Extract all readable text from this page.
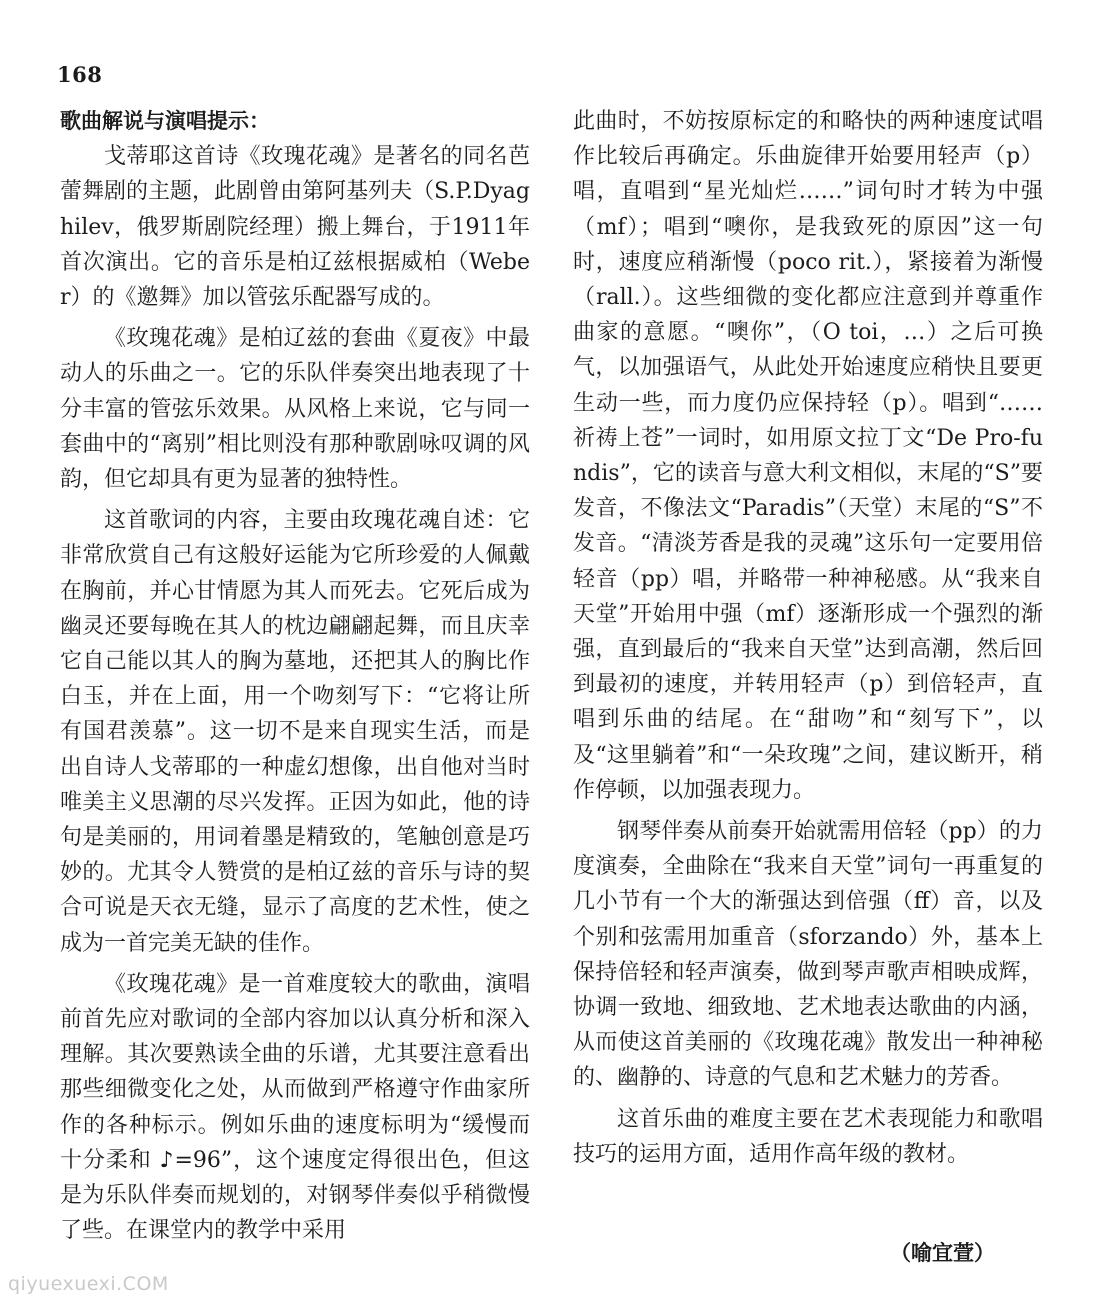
168
歌曲解说与演唱提示：

戈蒂耶这首诗《玫瑰花魂》是著名的同名芭蕾舞剧的主题，此剧曾由第阿基列夫（S.P.Dyaghilev，俄罗斯剧院经理）搬上舞台，于1911年首次演出。它的音乐是柏辽兹根据威柏（Weber）的《邀舞》加以管弦乐配器写成的。

《玫瑰花魂》是柏辽兹的套曲《夏夜》中最动人的乐曲之一。它的乐队伴奏突出地表现了十分丰富的管弦乐效果。从风格上来说，它与同一套曲中的“离别”相比则没有那种歌剧咏叹调的风韵，但它却具有更为显著的独特性。

这首歌词的内容，主要由玫瑰花魂自述：它非常欣赏自己有这般好运能为它所珍爱的人佩戴在胸前，并心甘情愿为其人而死去。它死后成为幽灵还要每晚在其人的枕边翩翩起舞，而且庆幸它自己能以其人的胸为墓地，还把其人的胸比作白玉，并在上面，用一个吻刻写下：“它将让所有国君羡慕”。这一切不是来自现实生活，而是出自诗人戈蒂耶的一种虚幻想像，出自他对当时唯美主义思潮的尽兴发挥。正因为如此，他的诗句是美丽的，用词着墨是精致的，笔触创意是巧妙的。尤其令人赞赏的是柏辽兹的音乐与诗的契合可说是天衣无缝，显示了高度的艺术性，使之成为一首完美无缺的佳作。

《玫瑰花魂》是一首难度较大的歌曲，演唱前首先应对歌词的全部内容加以认真分析和深入理解。其次要熟读全曲的乐谱，尤其要注意看出那些细微变化之处，从而做到严格遵守作曲家所作的各种标示。例如乐曲的速度标明为“缓慢而十分柔和 ♪=96”，这个速度定得很出色，但这是为乐队伴奏而规划的，对钢琴伴奏似乎稍微慢了些。在课堂内的教学中采用

此曲时，不妨按原标定的和略快的两种速度试唱作比较后再确定。乐曲旋律开始要用轻声（p）唱，直唱到“星光灿烂……”词句时才转为中强（mf）；唱到“噢你，是我致死的原因”这一句时，速度应稍渐慢（poco rit.），紧接着为渐慢（rall.）。这些细微的变化都应注意到并尊重作曲家的意愿。“噢你”，（O toi，…）之后可换气，以加强语气，从此处开始速度应稍快且要更生动一些，而力度仍应保持轻（p）。唱到“……祈祷上苍”一词时，如用原文拉丁文“De Pro-fundis”，它的读音与意大利文相似，末尾的“S”要发音，不像法文“Paradis”（天堂）末尾的“S”不发音。“清淡芳香是我的灵魂”这乐句一定要用倍轻音（pp）唱，并略带一种神秘感。从“我来自天堂”开始用中强（mf）逐渐形成一个强烈的渐强，直到最后的“我来自天堂”达到高潮，然后回到最初的速度，并转用轻声（p）到倍轻声，直唱到乐曲的结尾。在“甜吻”和“刻写下”，以及“这里躺着”和“一朵玫瑰”之间，建议断开，稍作停顿，以加强表现力。

钢琴伴奏从前奏开始就需用倍轻（pp）的力度演奏，全曲除在“我来自天堂”词句一再重复的几小节有一个大的渐强达到倍强（ff）音，以及个别和弦需用加重音（sforzando）外，基本上保持倍轻和轻声演奏，做到琴声歌声相映成辉，协调一致地、细致地、艺术地表达歌曲的内涵，从而使这首美丽的《玫瑰花魂》散发出一种神秘的、幽静的、诗意的气息和艺术魅力的芳香。

这首乐曲的难度主要在艺术表现能力和歌唱技巧的运用方面，适用作高年级的教材。

（喻宜萱）
qiyuexuexi.COM
